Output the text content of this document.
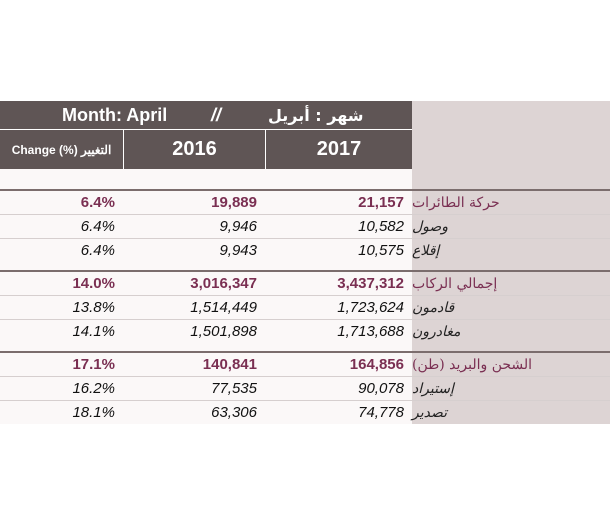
Month: April //	شهر : أبريل
Change (%) التغيير	2016	2017
6.4%	19,889	21,157 حركة الطائرات
6.4%	9,946	10,582 وصول
6.4%	9,943	10,575 إقلاع
14.0%	3,016,347	3,437,312 إجمالي الركاب
13.8%	1,514,449	1,723,624 قادمون
14.1%	1,501,898	1,713,688 مغادرون
17.1%	140,841	164,856 الشحن والبريد (طن)
16.2%	77,535	90,078 إستيراد
18.1%	63,306	74,778 تصدير
